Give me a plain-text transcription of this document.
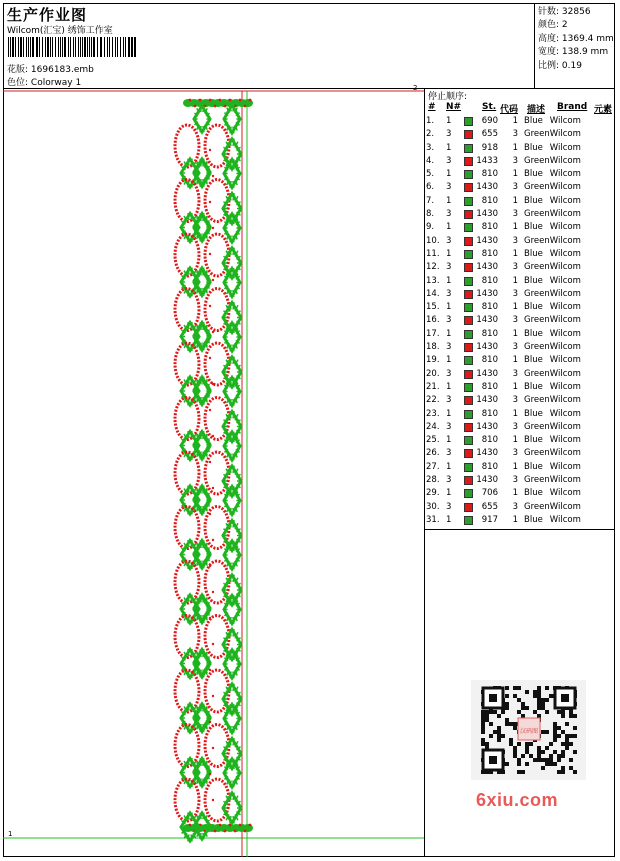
生产作业图
Wilcom(汇宝) 绣饰工作室
花版: 1696183.emb
色位: Colorway 1
针数: 32856
颜色: 2
高度: 1369.4 mm
宽度: 138.9 mm
比例: 0.19
停止顺序:
# N# St. 代码 描述 Brand 元素
1.	1	690	1	Blue	Wilcom
2.	3	655	3	Green	Wilcom
3.	1	918	1	Blue	Wilcom
4.	3	1433	3	Green	Wilcom
5.	1	810	1	Blue	Wilcom
6.	3	1430	3	Green	Wilcom
7.	1	810	1	Blue	Wilcom
8.	3	1430	3	Green	Wilcom
9.	1	810	1	Blue	Wilcom
10.	3	1430	3	Green	Wilcom
11.	1	810	1	Blue	Wilcom
12.	3	1430	3	Green	Wilcom
13.	1	810	1	Blue	Wilcom
14.	3	1430	3	Green	Wilcom
15.	1	810	1	Blue	Wilcom
16.	3	1430	3	Green	Wilcom
17.	1	810	1	Blue	Wilcom
18.	3	1430	3	Green	Wilcom
19.	1	810	1	Blue	Wilcom
20.	3	1430	3	Green	Wilcom
21.	1	810	1	Blue	Wilcom
22.	3	1430	3	Green	Wilcom
23.	1	810	1	Blue	Wilcom
24.	3	1430	3	Green	Wilcom
25.	1	810	1	Blue	Wilcom
26.	3	1430	3	Green	Wilcom
27.	1	810	1	Blue	Wilcom
28.	3	1430	3	Green	Wilcom
29.	1	706	1	Blue	Wilcom
30.	3	655	3	Green	Wilcom
31.	1	917	1	Blue	Wilcom
2
1
汉码图
6xiu.com
